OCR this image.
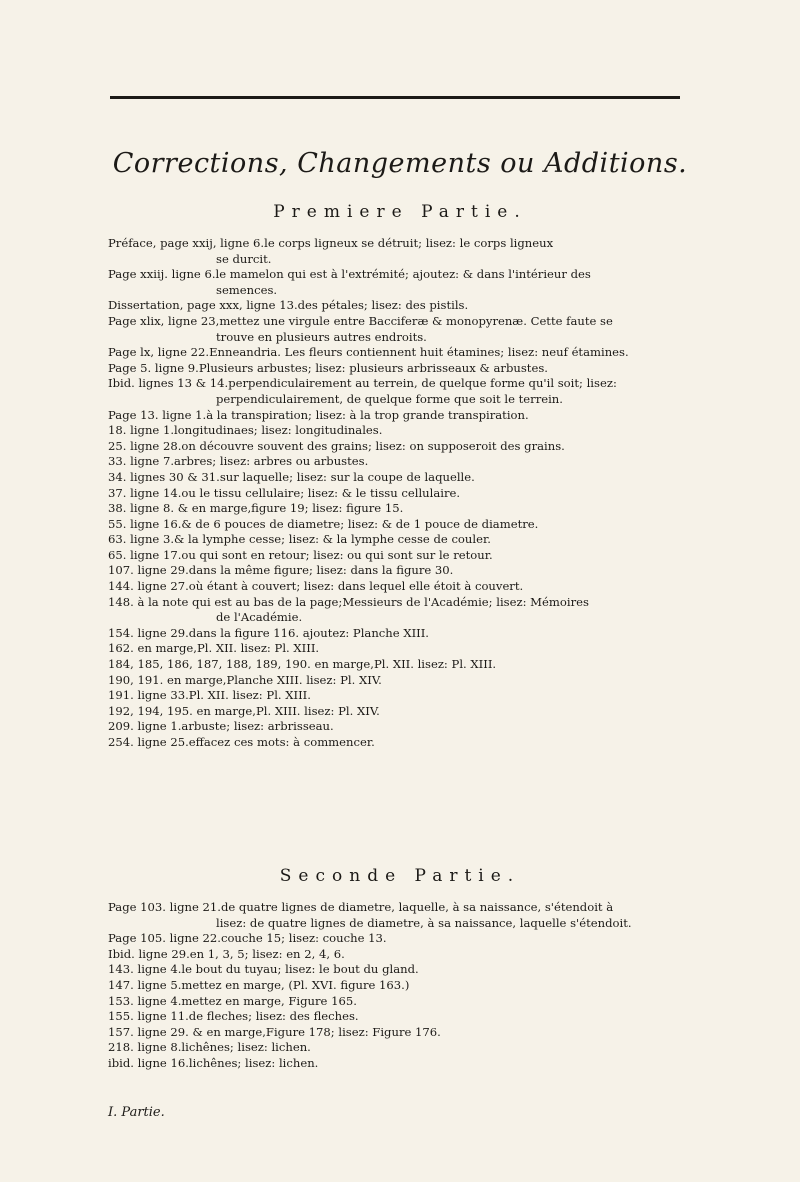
Corrections, Changements ou Additions.
Premiere Partie.
Préface, page xxij, ligne 6.le corps ligneux se détruit; lisez: le corps ligneux
se durcit.
Page xxiij. ligne 6.le mamelon qui est à l'extrémité; ajoutez: & dans l'intérieur des
semences.
Dissertation, page xxx, ligne 13.des pétales; lisez: des pistils.
Page xlix, ligne 23,mettez une virgule entre Bacciferæ & monopyrenæ. Cette faute se
trouve en plusieurs autres endroits.
Page lx, ligne 22.Enneandria. Les fleurs contiennent huit étamines; lisez: neuf étamines.
Page 5. ligne 9.Plusieurs arbustes; lisez: plusieurs arbrisseaux & arbustes.
Ibid. lignes 13 & 14.perpendiculairement au terrein, de quelque forme qu'il soit; lisez:
perpendiculairement, de quelque forme que soit le terrein.
Page 13. ligne 1.à la transpiration; lisez: à la trop grande transpiration.
18. ligne 1.longitudinaes; lisez: longitudinales.
25. ligne 28.on découvre souvent des grains; lisez: on supposeroit des grains.
33. ligne 7.arbres; lisez: arbres ou arbustes.
34. lignes 30 & 31.sur laquelle; lisez: sur la coupe de laquelle.
37. ligne 14.ou le tissu cellulaire; lisez: & le tissu cellulaire.
38. ligne 8. & en marge,figure 19; lisez: figure 15.
55. ligne 16.& de 6 pouces de diametre; lisez: & de 1 pouce de diametre.
63. ligne 3.& la lymphe cesse; lisez: & la lymphe cesse de couler.
65. ligne 17.ou qui sont en retour; lisez: ou qui sont sur le retour.
107. ligne 29.dans la même figure; lisez: dans la figure 30.
144. ligne 27.où étant à couvert; lisez: dans lequel elle étoit à couvert.
148. à la note qui est au bas de la page;Messieurs de l'Académie; lisez: Mémoires
de l'Académie.
154. ligne 29.dans la figure 116. ajoutez: Planche XIII.
162. en marge,Pl. XII. lisez: Pl. XIII.
184, 185, 186, 187, 188, 189, 190. en marge,Pl. XII. lisez: Pl. XIII.
190, 191. en marge,Planche XIII. lisez: Pl. XIV.
191. ligne 33.Pl. XII. lisez: Pl. XIII.
192, 194, 195. en marge,Pl. XIII. lisez: Pl. XIV.
209. ligne 1.arbuste; lisez: arbrisseau.
254. ligne 25.effacez ces mots: à commencer.
Seconde Partie.
Page 103. ligne 21.de quatre lignes de diametre, laquelle, à sa naissance, s'étendoit à
lisez: de quatre lignes de diametre, à sa naissance, laquelle s'étendoit.
Page 105. ligne 22.couche 15; lisez: couche 13.
Ibid. ligne 29.en 1, 3, 5; lisez: en 2, 4, 6.
143. ligne 4.le bout du tuyau; lisez: le bout du gland.
147. ligne 5.mettez en marge, (Pl. XVI. figure 163.)
153. ligne 4.mettez en marge, Figure 165.
155. ligne 11.de fleches; lisez: des fleches.
157. ligne 29. & en marge,Figure 178; lisez: Figure 176.
218. ligne 8.lichênes; lisez: lichen.
ibid. ligne 16.lichênes; lisez: lichen.
I. Partie.
